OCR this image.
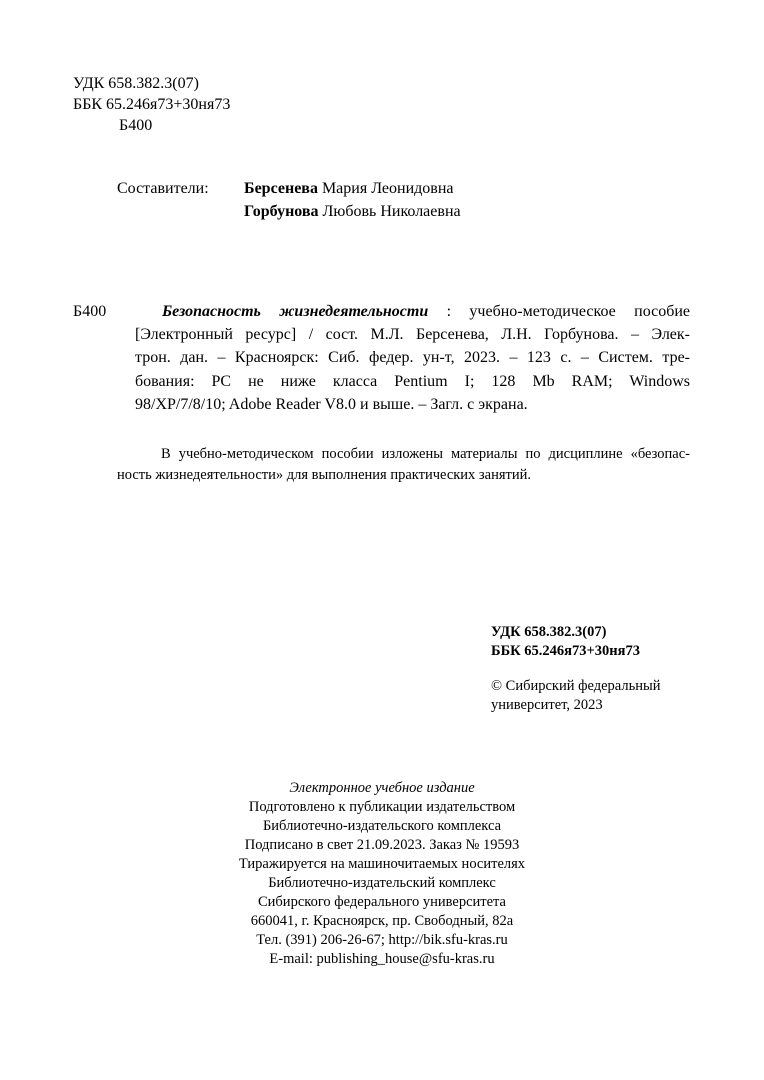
УДК 658.382.3(07)
ББК 65.246я73+30ня73
Б400
Составители: Берсенева Мария Леонидовна
Горбунова Любовь Николаевна
Б400	Безопасность жизнедеятельности : учебно-методическое пособие
[Электронный ресурс] / сост. М.Л. Берсенева, Л.Н. Горбунова. – Элек-
трон. дан. – Красноярск: Сиб. федер. ун-т, 2023. – 123 с. – Систем. тре-
бования: PC не ниже класса Pentium I; 128 Mb RAM; Windows
98/XP/7/8/10; Adobe Reader V8.0 и выше. – Загл. с экрана.
В учебно-методическом пособии изложены материалы по дисциплине «безопас-
ность жизнедеятельности» для выполнения практических занятий.
УДК 658.382.3(07)
ББК 65.246я73+30ня73
© Сибирский федеральный
университет, 2023
Электронное учебное издание
Подготовлено к публикации издательством
Библиотечно-издательского комплекса
Подписано в свет 21.09.2023. Заказ № 19593
Тиражируется на машиночитаемых носителях
Библиотечно-издательский комплекс
Сибирского федерального университета
660041, г. Красноярск, пр. Свободный, 82а
Тел. (391) 206-26-67; http://bik.sfu-kras.ru
E-mail: publishing_house@sfu-kras.ru
